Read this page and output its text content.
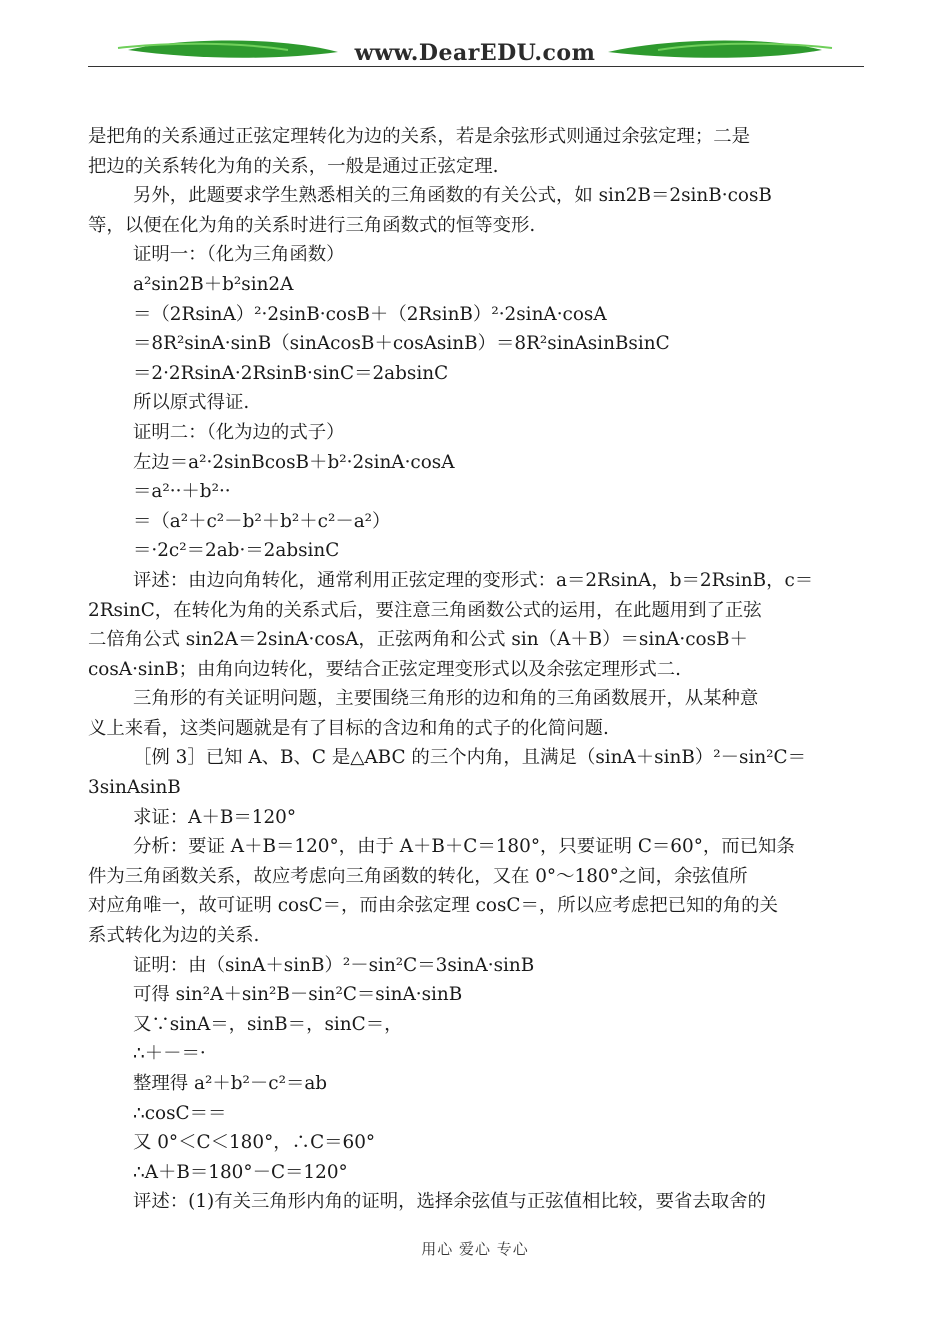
www.DearEDU.com
是把角的关系通过正弦定理转化为边的关系，若是余弦形式则通过余弦定理；二是
把边的关系转化为角的关系，一般是通过正弦定理.
另外，此题要求学生熟悉相关的三角函数的有关公式，如 sin2B＝2sinB·cosB
等，以便在化为角的关系时进行三角函数式的恒等变形.
证明一：（化为三角函数）
a²sin2B＋b²sin2A
＝（2RsinA）²·2sinB·cosB＋（2RsinB）²·2sinA·cosA
＝8R²sinA·sinB（sinAcosB＋cosAsinB）＝8R²sinAsinBsinC
＝2·2RsinA·2RsinB·sinC＝2absinC
所以原式得证.
证明二：（化为边的式子）
左边＝a²·2sinBcosB＋b²·2sinA·cosA
＝a²··＋b²··
＝（a²＋c²－b²＋b²＋c²－a²）
＝·2c²＝2ab·＝2absinC
评述：由边向角转化，通常利用正弦定理的变形式：a＝2RsinA，b＝2RsinB，c＝
2RsinC，在转化为角的关系式后，要注意三角函数公式的运用，在此题用到了正弦
二倍角公式 sin2A＝2sinA·cosA，正弦两角和公式 sin（A＋B）＝sinA·cosB＋
cosA·sinB；由角向边转化，要结合正弦定理变形式以及余弦定理形式二.
三角形的有关证明问题，主要围绕三角形的边和角的三角函数展开，从某种意
义上来看，这类问题就是有了目标的含边和角的式子的化简问题.
［例 3］已知 A、B、C 是△ABC 的三个内角，且满足（sinA＋sinB）²－sin²C＝
3sinAsinB
求证：A＋B＝120°
分析：要证 A＋B＝120°，由于 A＋B＋C＝180°，只要证明 C＝60°，而已知条
件为三角函数关系，故应考虑向三角函数的转化，又在 0°～180°之间，余弦值所
对应角唯一，故可证明 cosC＝，而由余弦定理 cosC＝，所以应考虑把已知的角的关
系式转化为边的关系.
证明：由（sinA＋sinB）²－sin²C＝3sinA·sinB
可得 sin²A＋sin²B－sin²C＝sinA·sinB
又∵sinA＝，sinB＝，sinC＝，
∴＋－＝·
整理得 a²＋b²－c²＝ab
∴cosC＝＝
又 0°＜C＜180°，∴C＝60°
∴A＋B＝180°－C＝120°
评述：(1)有关三角形内角的证明，选择余弦值与正弦值相比较，要省去取舍的
用心 爱心 专心
